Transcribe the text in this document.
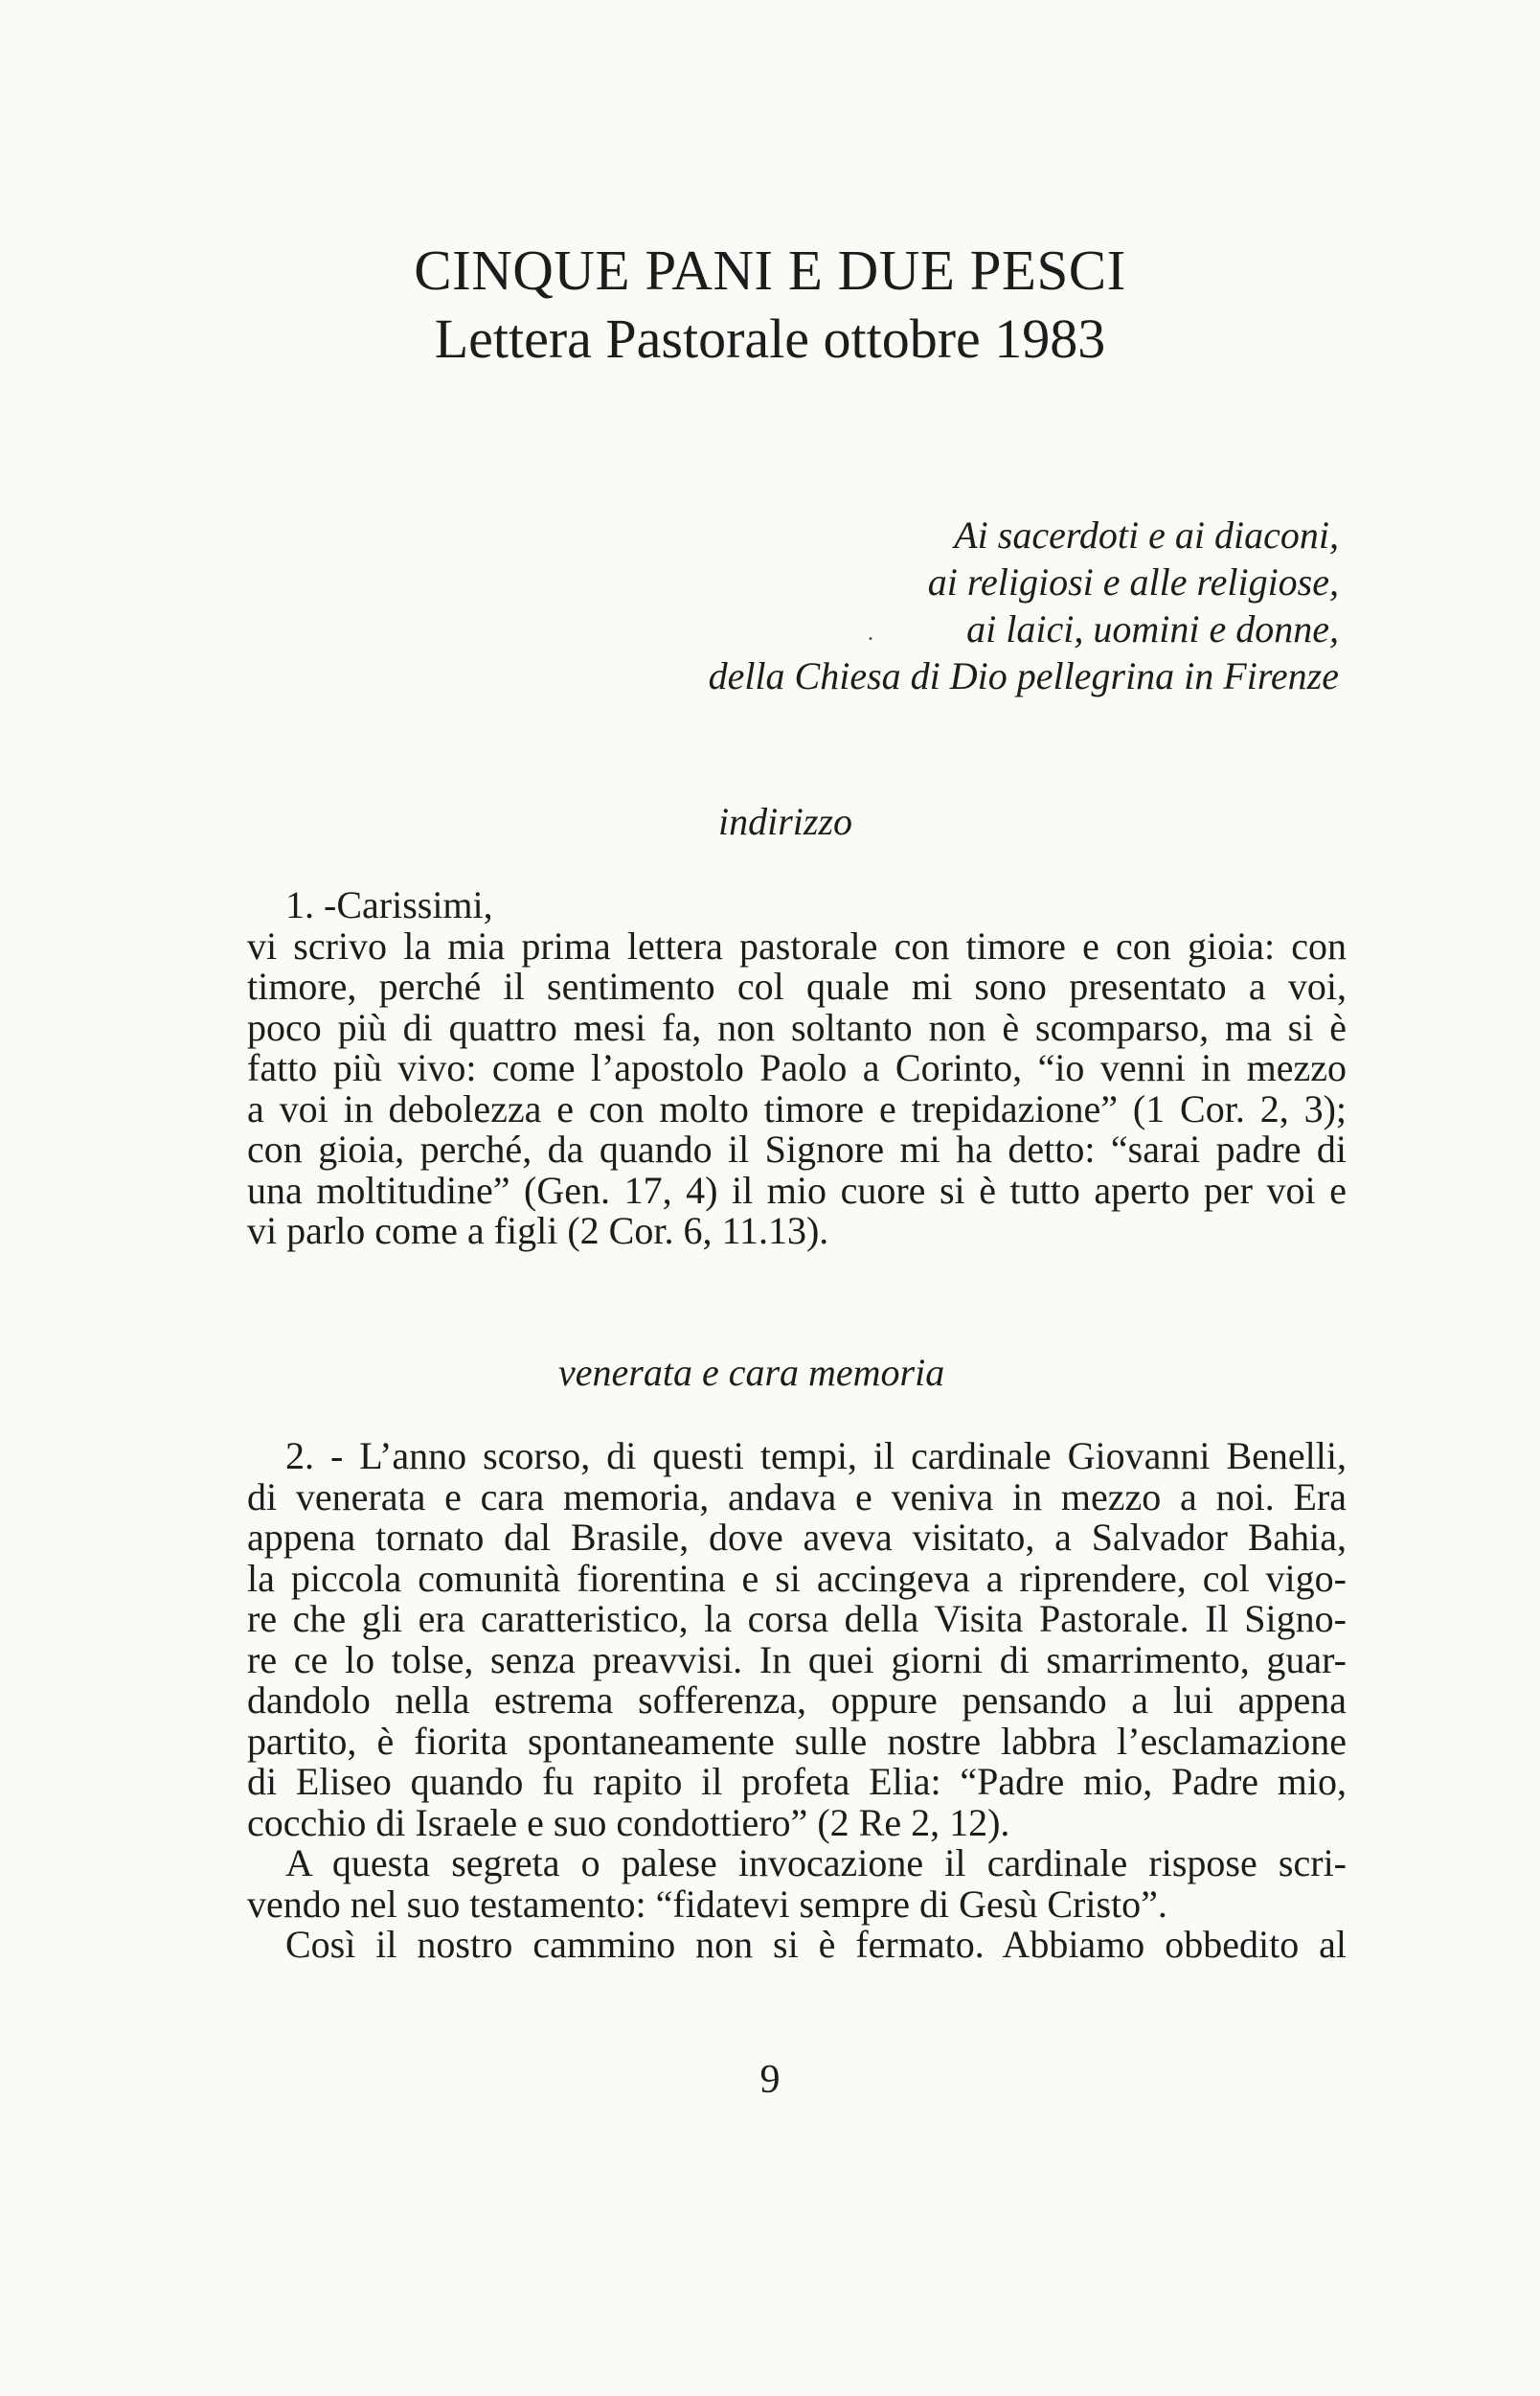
CINQUE PANI E DUE PESCI
Lettera Pastorale ottobre 1983
Ai sacerdoti e ai diaconi,
ai religiosi e alle religiose,
ai laici, uomini e donne,
della Chiesa di Dio pellegrina in Firenze
.
indirizzo

1. -Carissimi,

vi scrivo la mia prima lettera pastorale con timore e con gioia: con

timore, perché il sentimento col quale mi sono presentato a voi,

poco più di quattro mesi fa, non soltanto non è scomparso, ma si è

fatto più vivo: come l’apostolo Paolo a Corinto, “io venni in mezzo

a voi in debolezza e con molto timore e trepidazione” (1 Cor. 2, 3);

con gioia, perché, da quando il Signore mi ha detto: “sarai padre di

una moltitudine” (Gen. 17, 4) il mio cuore si è tutto aperto per voi e

vi parlo come a figli (2 Cor. 6, 11.13).

venerata e cara memoria

2. - L’anno scorso, di questi tempi, il cardinale Giovanni Benelli,

di venerata e cara memoria, andava e veniva in mezzo a noi. Era

appena tornato dal Brasile, dove aveva visitato, a Salvador Bahia,

la piccola comunità fiorentina e si accingeva a riprendere, col vigo-

re che gli era caratteristico, la corsa della Visita Pastorale. Il Signo-

re ce lo tolse, senza preavvisi. In quei giorni di smarrimento, guar-

dandolo nella estrema sofferenza, oppure pensando a lui appena

partito, è fiorita spontaneamente sulle nostre labbra l’esclamazione

di Eliseo quando fu rapito il profeta Elia: “Padre mio, Padre mio,

cocchio di Israele e suo condottiero” (2 Re 2, 12).

A questa segreta o palese invocazione il cardinale rispose scri-

vendo nel suo testamento: “fidatevi sempre di Gesù Cristo”.

Così il nostro cammino non si è fermato. Abbiamo obbedito al

9
